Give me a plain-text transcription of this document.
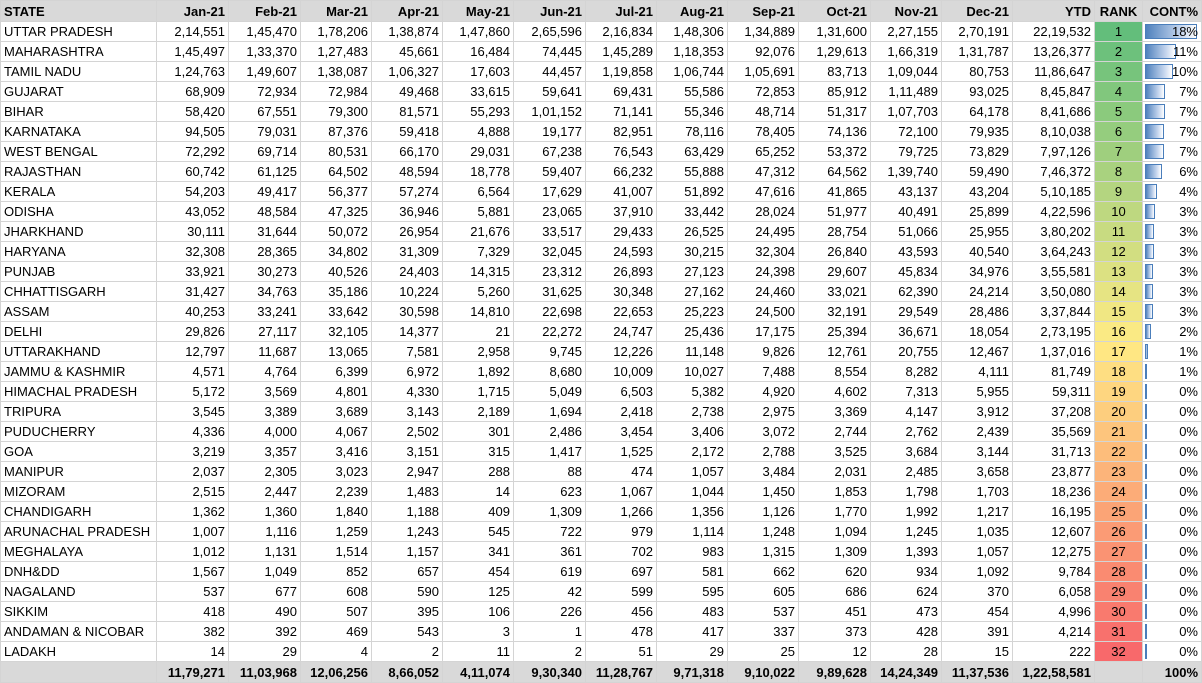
STATE	Jan-21	Feb-21	Mar-21	Apr-21	May-21	Jun-21	Jul-21	Aug-21	Sep-21	Oct-21	Nov-21	Dec-21	YTD	RANK	CONT%
UTTAR PRADESH	2,14,551	1,45,470	1,78,206	1,38,874	1,47,860	2,65,596	2,16,834	1,48,306	1,34,889	1,31,600	2,27,155	2,70,191	22,19,532	1	18%
MAHARASHTRA	1,45,497	1,33,370	1,27,483	45,661	16,484	74,445	1,45,289	1,18,353	92,076	1,29,613	1,66,319	1,31,787	13,26,377	2	11%
TAMIL NADU	1,24,763	1,49,607	1,38,087	1,06,327	17,603	44,457	1,19,858	1,06,744	1,05,691	83,713	1,09,044	80,753	11,86,647	3	10%
GUJARAT	68,909	72,934	72,984	49,468	33,615	59,641	69,431	55,586	72,853	85,912	1,11,489	93,025	8,45,847	4	7%
BIHAR	58,420	67,551	79,300	81,571	55,293	1,01,152	71,141	55,346	48,714	51,317	1,07,703	64,178	8,41,686	5	7%
KARNATAKA	94,505	79,031	87,376	59,418	4,888	19,177	82,951	78,116	78,405	74,136	72,100	79,935	8,10,038	6	7%
WEST BENGAL	72,292	69,714	80,531	66,170	29,031	67,238	76,543	63,429	65,252	53,372	79,725	73,829	7,97,126	7	7%
RAJASTHAN	60,742	61,125	64,502	48,594	18,778	59,407	66,232	55,888	47,312	64,562	1,39,740	59,490	7,46,372	8	6%
KERALA	54,203	49,417	56,377	57,274	6,564	17,629	41,007	51,892	47,616	41,865	43,137	43,204	5,10,185	9	4%
ODISHA	43,052	48,584	47,325	36,946	5,881	23,065	37,910	33,442	28,024	51,977	40,491	25,899	4,22,596	10	3%
JHARKHAND	30,111	31,644	50,072	26,954	21,676	33,517	29,433	26,525	24,495	28,754	51,066	25,955	3,80,202	11	3%
HARYANA	32,308	28,365	34,802	31,309	7,329	32,045	24,593	30,215	32,304	26,840	43,593	40,540	3,64,243	12	3%
PUNJAB	33,921	30,273	40,526	24,403	14,315	23,312	26,893	27,123	24,398	29,607	45,834	34,976	3,55,581	13	3%
CHHATTISGARH	31,427	34,763	35,186	10,224	5,260	31,625	30,348	27,162	24,460	33,021	62,390	24,214	3,50,080	14	3%
ASSAM	40,253	33,241	33,642	30,598	14,810	22,698	22,653	25,223	24,500	32,191	29,549	28,486	3,37,844	15	3%
DELHI	29,826	27,117	32,105	14,377	21	22,272	24,747	25,436	17,175	25,394	36,671	18,054	2,73,195	16	2%
UTTARAKHAND	12,797	11,687	13,065	7,581	2,958	9,745	12,226	11,148	9,826	12,761	20,755	12,467	1,37,016	17	1%
JAMMU & KASHMIR	4,571	4,764	6,399	6,972	1,892	8,680	10,009	10,027	7,488	8,554	8,282	4,111	81,749	18	1%
HIMACHAL PRADESH	5,172	3,569	4,801	4,330	1,715	5,049	6,503	5,382	4,920	4,602	7,313	5,955	59,311	19	0%
TRIPURA	3,545	3,389	3,689	3,143	2,189	1,694	2,418	2,738	2,975	3,369	4,147	3,912	37,208	20	0%
PUDUCHERRY	4,336	4,000	4,067	2,502	301	2,486	3,454	3,406	3,072	2,744	2,762	2,439	35,569	21	0%
GOA	3,219	3,357	3,416	3,151	315	1,417	1,525	2,172	2,788	3,525	3,684	3,144	31,713	22	0%
MANIPUR	2,037	2,305	3,023	2,947	288	88	474	1,057	3,484	2,031	2,485	3,658	23,877	23	0%
MIZORAM	2,515	2,447	2,239	1,483	14	623	1,067	1,044	1,450	1,853	1,798	1,703	18,236	24	0%
CHANDIGARH	1,362	1,360	1,840	1,188	409	1,309	1,266	1,356	1,126	1,770	1,992	1,217	16,195	25	0%
ARUNACHAL PRADESH	1,007	1,116	1,259	1,243	545	722	979	1,114	1,248	1,094	1,245	1,035	12,607	26	0%
MEGHALAYA	1,012	1,131	1,514	1,157	341	361	702	983	1,315	1,309	1,393	1,057	12,275	27	0%
DNH&DD	1,567	1,049	852	657	454	619	697	581	662	620	934	1,092	9,784	28	0%
NAGALAND	537	677	608	590	125	42	599	595	605	686	624	370	6,058	29	0%
SIKKIM	418	490	507	395	106	226	456	483	537	451	473	454	4,996	30	0%
ANDAMAN & NICOBAR	382	392	469	543	3	1	478	417	337	373	428	391	4,214	31	0%
LADAKH	14	29	4	2	11	2	51	29	25	12	28	15	222	32	0%
	11,79,271	11,03,968	12,06,256	8,66,052	4,11,074	9,30,340	11,28,767	9,71,318	9,10,022	9,89,628	14,24,349	11,37,536	1,22,58,581		100%
